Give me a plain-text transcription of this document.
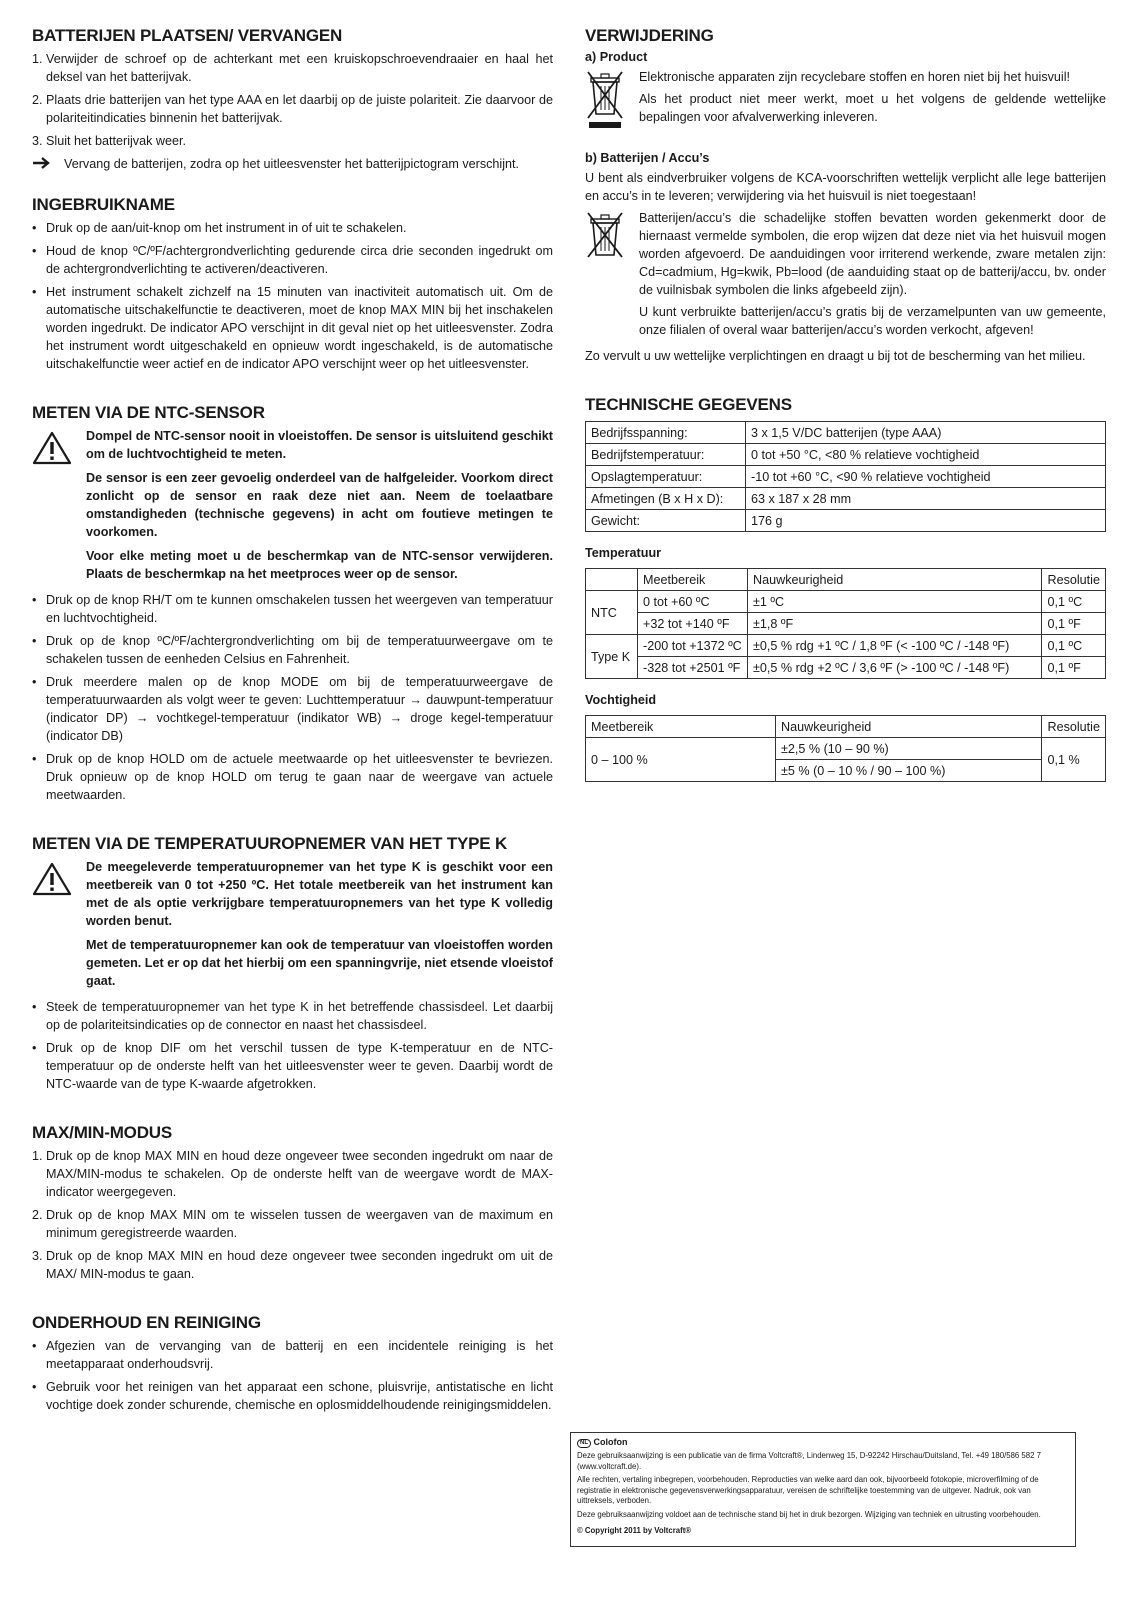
BATTERIJEN PLAATSEN/ VERVANGEN
1. Verwijder de schroef op de achterkant met een kruiskopschroevendraaier en haal het deksel van het batterijvak.
2. Plaats drie batterijen van het type AAA en let daarbij op de juiste polariteit. Zie daarvoor de polariteitindicaties binnenin het batterijvak.
3. Sluit het batterijvak weer.

Vervang de batterijen, zodra op het uitleesvenster het batterijpictogram verschijnt.

INGEBRUIKNAME
• Druk op de aan/uit-knop om het instrument in of uit te schakelen.
• Houd de knop ºC/ºF/achtergrondverlichting gedurende circa drie seconden ingedrukt om de achtergrondverlichting te activeren/deactiveren.
• Het instrument schakelt zichzelf na 15 minuten van inactiviteit automatisch uit. Om de automatische uitschakelfunctie te deactiveren, moet de knop MAX MIN bij het inschakelen worden ingedrukt. De indicator APO verschijnt in dit geval niet op het uitleesvenster. Zodra het instrument wordt uitgeschakeld en opnieuw wordt ingeschakeld, is de automatische uitschakelfunctie weer actief en de indicator APO verschijnt weer op het uitleesvenster.
METEN VIA DE NTC-SENSOR

Dompel de NTC-sensor nooit in vloeistoffen. De sensor is uitsluitend geschikt om de luchtvochtigheid te meten.

De sensor is een zeer gevoelig onderdeel van de halfgeleider. Voorkom direct zonlicht op de sensor en raak deze niet aan. Neem de toelaatbare omstandigheden (technische gegevens) in acht om foutieve metingen te voorkomen.

Voor elke meting moet u de beschermkap van de NTC-sensor verwijderen. Plaats de beschermkap na het meetproces weer op de sensor.

• Druk op de knop RH/T om te kunnen omschakelen tussen het weergeven van temperatuur en luchtvochtigheid.
• Druk op de knop ºC/ºF/achtergrondverlichting om bij de temperatuurweergave om te schakelen tussen de eenheden Celsius en Fahrenheit.
• Druk meerdere malen op de knop MODE om bij de temperatuurweergave de temperatuurwaarden als volgt weer te geven: Luchttemperatuur → dauwpunt-temperatuur (indicator DP) → vochtkegel-temperatuur (indikator WB) → droge kegel-temperatuur (indicator DB)
• Druk op de knop HOLD om de actuele meetwaarde op het uitleesvenster te bevriezen. Druk opnieuw op de knop HOLD om terug te gaan naar de weergave van actuele meetwaarden.
METEN VIA DE TEMPERATUUROPNEMER VAN HET TYPE K

De meegeleverde temperatuuropnemer van het type K is geschikt voor een meetbereik van 0 tot +250 ºC. Het totale meetbereik van het instrument kan met de als optie verkrijgbare temperatuuropnemers van het type K volledig worden benut.

Met de temperatuuropnemer kan ook de temperatuur van vloeistoffen worden gemeten. Let er op dat het hierbij om een spanningvrije, niet etsende vloeistof gaat.

• Steek de temperatuuropnemer van het type K in het betreffende chassisdeel. Let daarbij op de polariteitsindicaties op de connector en naast het chassisdeel.
• Druk op de knop DIF om het verschil tussen de type K-temperatuur en de NTC-temperatuur op de onderste helft van het uitleesvenster weer te geven. Daarbij wordt de NTC-waarde van de type K-waarde afgetrokken.
MAX/MIN-MODUS
1. Druk op de knop MAX MIN en houd deze ongeveer twee seconden ingedrukt om naar de MAX/MIN-modus te schakelen. Op de onderste helft van de weergave wordt de MAX-indicator weergegeven.
2. Druk op de knop MAX MIN om te wisselen tussen de weergaven van de maximum en minimum geregistreerde waarden.
3. Druk op de knop MAX MIN en houd deze ongeveer twee seconden ingedrukt om uit de MAX/ MIN-modus te gaan.
ONDERHOUD EN REINIGING
• Afgezien van de vervanging van de batterij en een incidentele reiniging is het meetapparaat onderhoudsvrij.
• Gebruik voor het reinigen van het apparaat een schone, pluisvrije, antistatische en licht vochtige doek zonder schurende, chemische en oplosmiddelhoudende reinigingsmiddelen.
VERWIJDERING
a) Product

Elektronische apparaten zijn recyclebare stoffen en horen niet bij het huisvuil!

Als het product niet meer werkt, moet u het volgens de geldende wettelijke bepalingen voor afvalverwerking inleveren.

b) Batterijen / Accu’s

U bent als eindverbruiker volgens de KCA-voorschriften wettelijk verplicht alle lege batterijen en accu’s in te leveren; verwijdering via het huisvuil is niet toegestaan!

Batterijen/accu’s die schadelijke stoffen bevatten worden gekenmerkt door de hiernaast vermelde symbolen, die erop wijzen dat deze niet via het huisvuil mogen worden afgevoerd. De aanduidingen voor irriterend werkende, zware metalen zijn: Cd=cadmium, Hg=kwik, Pb=lood (de aanduiding staat op de batterij/accu, bv. onder de vuilnisbak symbolen die links afgebeeld zijn).

U kunt verbruikte batterijen/accu’s gratis bij de verzamelpunten van uw gemeente, onze filialen of overal waar batterijen/accu’s worden verkocht, afgeven!

Zo vervult u uw wettelijke verplichtingen en draagt u bij tot de bescherming van het milieu.

TECHNISCHE GEGEVENS
Bedrijfsspanning:	3 x 1,5 V/DC batterijen (type AAA)
Bedrijfstemperatuur:	0 tot +50 °C, <80 % relatieve vochtigheid
Opslagtemperatuur:	-10 tot +60 °C, <90 % relatieve vochtigheid
Afmetingen (B x H x D):	63 x 187 x 28 mm
Gewicht:	176 g
Temperatuur
	Meetbereik	Nauwkeurigheid	Resolutie
NTC	0 tot +60 ºC	±1 ºC	0,1 ºC
	+32 tot +140 ºF	±1,8 ºF	0,1 ºF
Type K	-200 tot +1372 ºC	±0,5 % rdg +1 ºC / 1,8 ºF (< -100 ºC / -148 ºF)	0,1 ºC
	-328 tot +2501 ºF	±0,5 % rdg +2 ºC / 3,6 ºF (> -100 ºC / -148 ºF)	0,1 ºF
Vochtigheid
Meetbereik	Nauwkeurigheid	Resolutie
0 – 100 %	±2,5 % (10 – 90 %)	0,1 %
	±5 % (0 – 10 % / 90 – 100 %)	
NL Colofon

Deze gebruiksaanwijzing is een publicatie van de firma Voltcraft®, Lindenweg 15, D-92242 Hirschau/Duitsland, Tel. +49 180/586 582 7 (www.voltcraft.de).

Alle rechten, vertaling inbegrepen, voorbehouden. Reproducties van welke aard dan ook, bijvoorbeeld fotokopie, microverfilming of de registratie in elektronische gegevensverwerkingsapparatuur, vereisen de schriftelijke toestemming van de uitgever. Nadruk, ook van uittreksels, verboden.

Deze gebruiksaanwijzing voldoet aan de technische stand bij het in druk bezorgen. Wijziging van techniek en uitrusting voorbehouden.

© Copyright 2011 by Voltcraft®
